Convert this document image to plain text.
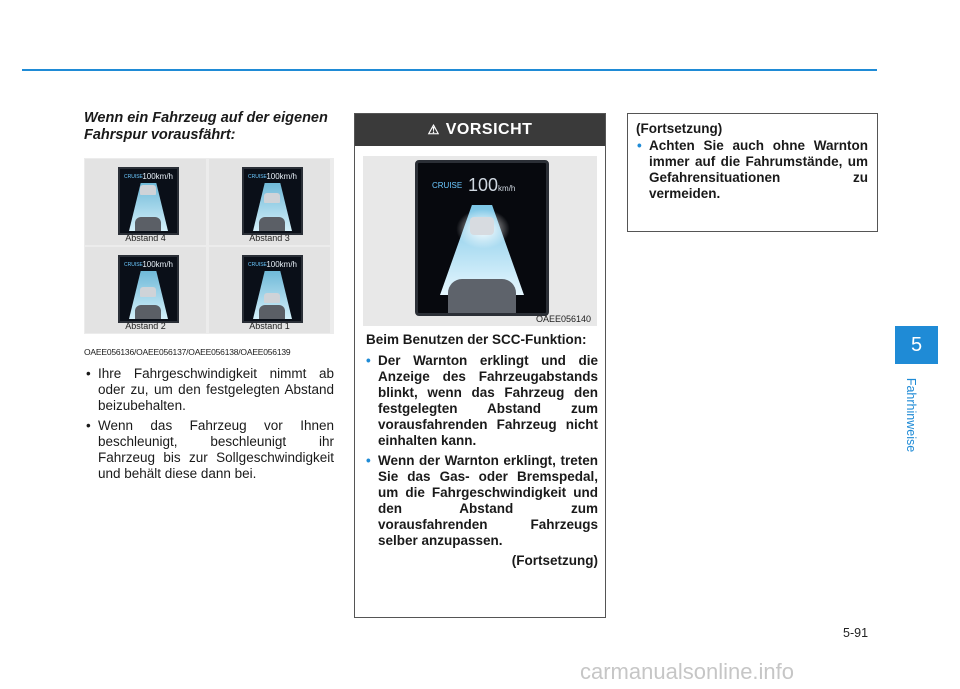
Wenn ein Fahrzeug auf der eigenen Fahrspur vorausfährt:
CRUISE 100km/h
Abstand 4
CRUISE 100km/h
Abstand 3
CRUISE 100km/h
Abstand 2
CRUISE 100km/h
Abstand 1
OAEE056136/OAEE056137/OAEE056138/OAEE056139
• Ihre Fahrgeschwindigkeit nimmt ab oder zu, um den festgelegten Abstand beizubehalten.
• Wenn das Fahrzeug vor Ihnen beschleunigt, beschleunigt ihr Fahrzeug bis zur Sollgeschwindigkeit und behält diese dann bei.
⚠ VORSICHT
CRUISE 100km/h
OAEE056140
Beim Benutzen der SCC-Funktion:
• Der Warnton erklingt und die Anzeige des Fahrzeugabstands blinkt, wenn das Fahrzeug den festgelegten Abstand zum vorausfahrenden Fahrzeug nicht einhalten kann.
• Wenn der Warnton erklingt, treten Sie das Gas- oder Bremspedal, um die Fahrgeschwindigkeit und den Abstand zum vorausfahrenden Fahrzeugs selber anzupassen.
(Fortsetzung)
(Fortsetzung)
• Achten Sie auch ohne Warnton immer auf die Fahrumstände, um Gefahrensituationen zu vermeiden.
5
Fahrhinweise
5-91
carmanualsonline.info
